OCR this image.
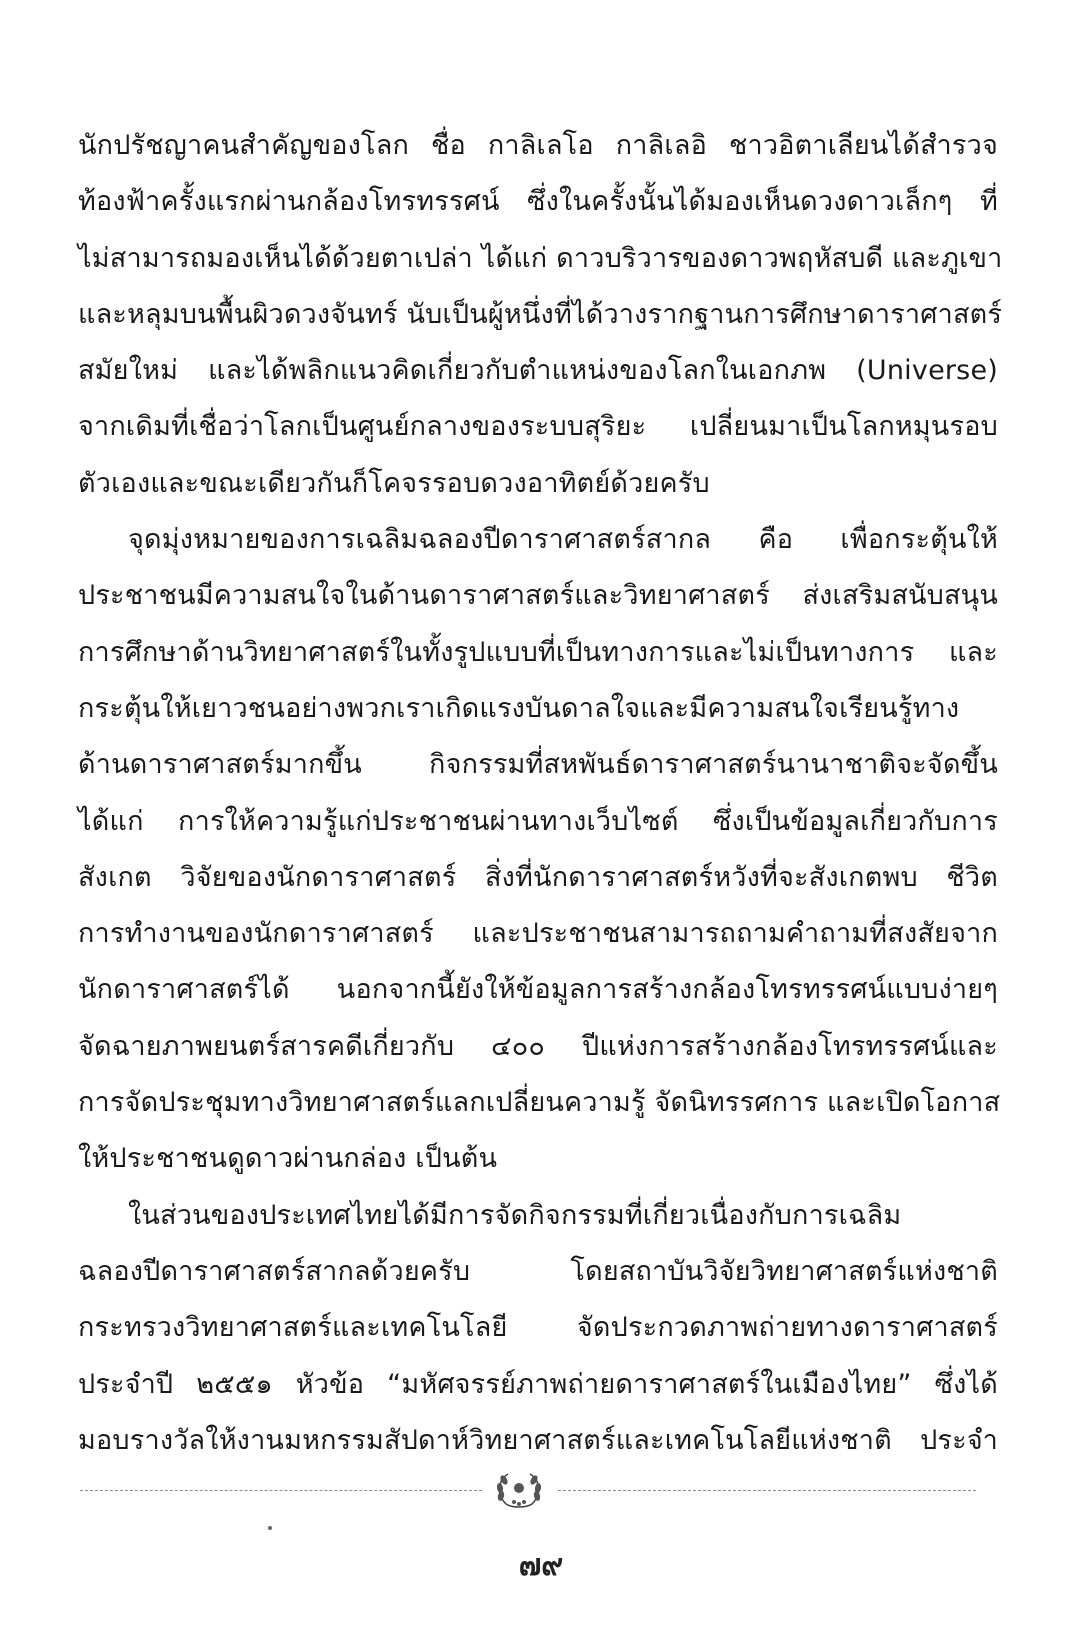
นักปรัชญาคนสำคัญของโลก ชื่อ กาลิเลโอ กาลิเลอิ ชาวอิตาเลียนได้สำรวจ
ท้องฟ้าครั้งแรกผ่านกล้องโทรทรรศน์ ซึ่งในครั้งนั้นได้มองเห็นดวงดาวเล็กๆ ที่
ไม่สามารถมองเห็นได้ด้วยตาเปล่า ได้แก่ ดาวบริวารของดาวพฤหัสบดี และภูเขา
และหลุมบนพื้นผิวดวงจันทร์ นับเป็นผู้หนึ่งที่ได้วางรากฐานการศึกษาดาราศาสตร์
สมัยใหม่ และได้พลิกแนวคิดเกี่ยวกับตำแหน่งของโลกในเอกภพ (Universe)
จากเดิมที่เชื่อว่าโลกเป็นศูนย์กลางของระบบสุริยะ เปลี่ยนมาเป็นโลกหมุนรอบ
ตัวเองและขณะเดียวกันก็โคจรรอบดวงอาทิตย์ด้วยครับ
จุดมุ่งหมายของการเฉลิมฉลองปีดาราศาสตร์สากล คือ เพื่อกระตุ้นให้
ประชาชนมีความสนใจในด้านดาราศาสตร์และวิทยาศาสตร์ ส่งเสริมสนับสนุน
การศึกษาด้านวิทยาศาสตร์ในทั้งรูปแบบที่เป็นทางการและไม่เป็นทางการ และ
กระตุ้นให้เยาวชนอย่างพวกเราเกิดแรงบันดาลใจและมีความสนใจเรียนรู้ทาง
ด้านดาราศาสตร์มากขึ้น กิจกรรมที่สหพันธ์ดาราศาสตร์นานาชาติจะจัดขึ้น
ได้แก่ การให้ความรู้แก่ประชาชนผ่านทางเว็บไซต์ ซึ่งเป็นข้อมูลเกี่ยวกับการ
สังเกต วิจัยของนักดาราศาสตร์ สิ่งที่นักดาราศาสตร์หวังที่จะสังเกตพบ ชีวิต
การทำงานของนักดาราศาสตร์ และประชาชนสามารถถามคำถามที่สงสัยจาก
นักดาราศาสตร์ได้ นอกจากนี้ยังให้ข้อมูลการสร้างกล้องโทรทรรศน์แบบง่ายๆ
จัดฉายภาพยนตร์สารคดีเกี่ยวกับ ๔๐๐ ปีแห่งการสร้างกล้องโทรทรรศน์และ
การจัดประชุมทางวิทยาศาสตร์แลกเปลี่ยนความรู้ จัดนิทรรศการ และเปิดโอกาส
ให้ประชาชนดูดาวผ่านกล่อง เป็นต้น
ในส่วนของประเทศไทยได้มีการจัดกิจกรรมที่เกี่ยวเนื่องกับการเฉลิม
ฉลองปีดาราศาสตร์สากลด้วยครับ โดยสถาบันวิจัยวิทยาศาสตร์แห่งชาติ
กระทรวงวิทยาศาสตร์และเทคโนโลยี จัดประกวดภาพถ่ายทางดาราศาสตร์
ประจำปี ๒๕๕๑ หัวข้อ “มหัศจรรย์ภาพถ่ายดาราศาสตร์ในเมืองไทย” ซึ่งได้
มอบรางวัลให้งานมหกรรมสัปดาห์วิทยาศาสตร์และเทคโนโลยีแห่งชาติ ประจำ
๗๙
